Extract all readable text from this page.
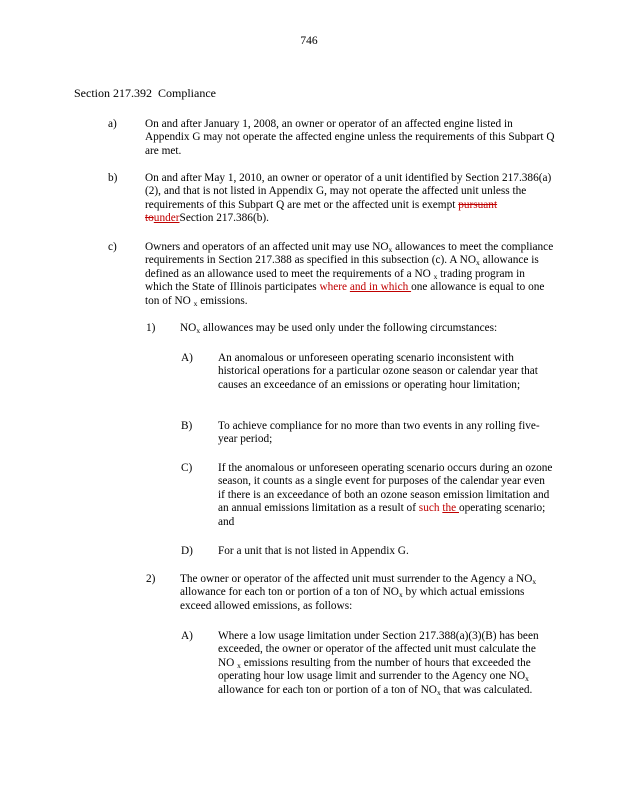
746
Section 217.392  Compliance
a) On and after January 1, 2008, an owner or operator of an affected engine listed in Appendix G may not operate the affected engine unless the requirements of this Subpart Q are met.

b) On and after May 1, 2010, an owner or operator of a unit identified by Section 217.386(a)(2), and that is not listed in Appendix G, may not operate the affected unit unless the requirements of this Subpart Q are met or the affected unit is exempt pursuant tounderSection 217.386(b).

c) Owners and operators of an affected unit may use $NO_x$ allowances to meet the compliance requirements in Section 217.388 as specified in this subsection (c). A $NO_x$ allowance is defined as an allowance used to meet the requirements of a NO $_x$ trading program in which the State of Illinois participates where and in which one allowance is equal to one ton of NO $_x$ emissions.

1) $NO_x$ allowances may be used only under the following circumstances:

A) An anomalous or unforeseen operating scenario inconsistent with historical operations for a particular ozone season or calendar year that causes an exceedance of an emissions or operating hour limitation;

B) To achieve compliance for no more than two events in any rolling five-year period;

C) If the anomalous or unforeseen operating scenario occurs during an ozone season, it counts as a single event for purposes of the calendar year even if there is an exceedance of both an ozone season emission limitation and an annual emissions limitation as a result of such the operating scenario; and

D) For a unit that is not listed in Appendix G.

2) The owner or operator of the affected unit must surrender to the Agency a $NO_x$ allowance for each ton or portion of a ton of $NO_x$ by which actual emissions exceed allowed emissions, as follows:

A) Where a low usage limitation under Section 217.388(a)(3)(B) has been exceeded, the owner or operator of the affected unit must calculate the NO $_x$ emissions resulting from the number of hours that exceeded the operating hour low usage limit and surrender to the Agency one $NO_x$ allowance for each ton or portion of a ton of $NO_x$ that was calculated.
